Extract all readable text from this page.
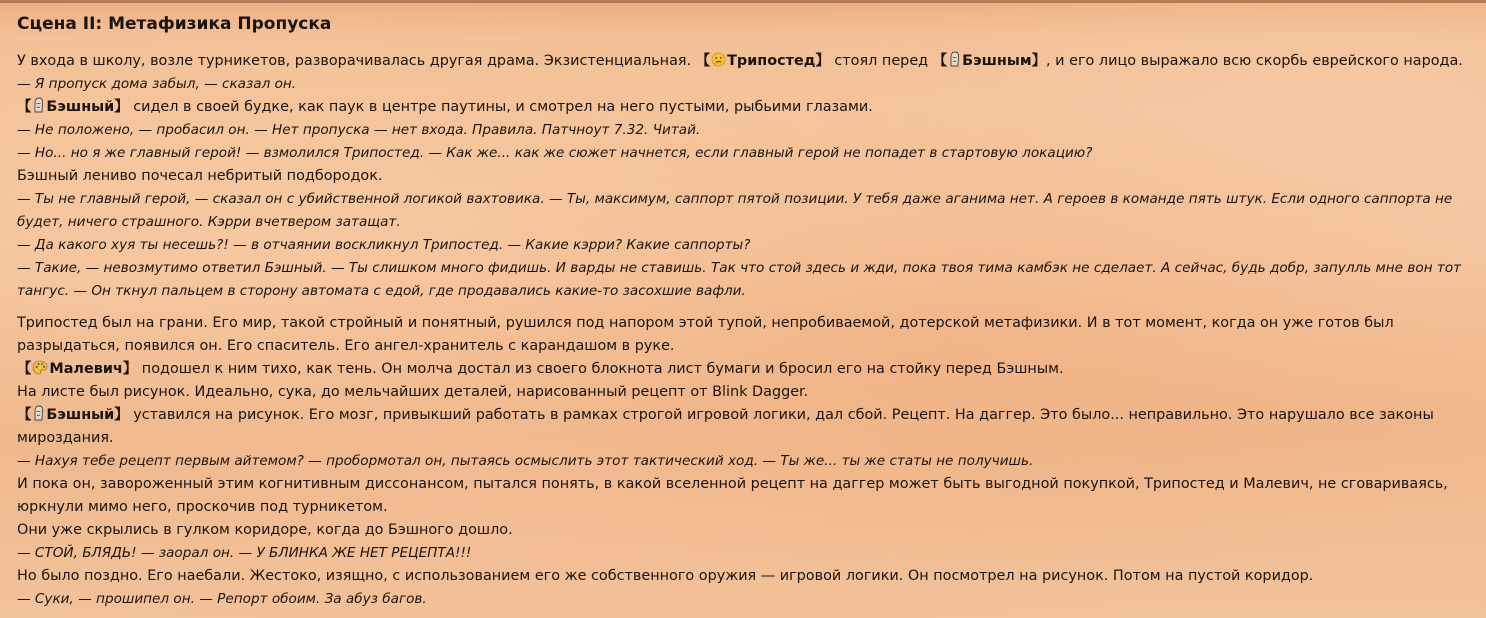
Сцена II: Метафизика Пропуска

У входа в школу, возле турникетов, разворачивалась другая драма. Экзистенциальная. 【 Трипостед】 стоял перед 【 Бэшным】, и его лицо выражало всю скорбь еврейского народа.

— Я пропуск дома забыл, — сказал он.

【 Бэшный】 сидел в своей будке, как паук в центре паутины, и смотрел на него пустыми, рыбьими глазами.

— Не положено, — пробасил он. — Нет пропуска — нет входа. Правила. Патчноут 7.32. Читай.

— Но... но я же главный герой! — взмолился Трипостед. — Как же... как же сюжет начнется, если главный герой не попадет в стартовую локацию?

Бэшный лениво почесал небритый подбородок.

— Ты не главный герой, — сказал он с убийственной логикой вахтовика. — Ты, максимум, саппорт пятой позиции. У тебя даже аганима нет. А героев в команде пять штук. Если одного саппорта не будет, ничего страшного. Кэрри вчетвером затащат.

— Да какого хуя ты несешь?! — в отчаянии воскликнул Трипостед. — Какие кэрри? Какие саппорты?

— Такие, — невозмутимо ответил Бэшный. — Ты слишком много фидишь. И варды не ставишь. Так что стой здесь и жди, пока твоя тима камбэк не сделает. А сейчас, будь добр, запулль мне вон тот тангус. — Он ткнул пальцем в сторону автомата с едой, где продавались какие-то засохшие вафли.

Трипостед был на грани. Его мир, такой стройный и понятный, рушился под напором этой тупой, непробиваемой, дотерской метафизики. И в тот момент, когда он уже готов был разрыдаться, появился он. Его спаситель. Его ангел-хранитель с карандашом в руке.

【 Малевич】 подошел к ним тихо, как тень. Он молча достал из своего блокнота лист бумаги и бросил его на стойку перед Бэшным.

На листе был рисунок. Идеально, сука, до мельчайших деталей, нарисованный рецепт от Blink Dagger.

【 Бэшный】 уставился на рисунок. Его мозг, привыкший работать в рамках строгой игровой логики, дал сбой. Рецепт. На даггер. Это было... неправильно. Это нарушало все законы мироздания.

— Нахуя тебе рецепт первым айтемом? — пробормотал он, пытаясь осмыслить этот тактический ход. — Ты же... ты же статы не получишь.

И пока он, завороженный этим когнитивным диссонансом, пытался понять, в какой вселенной рецепт на даггер может быть выгодной покупкой, Трипостед и Малевич, не сговариваясь, юркнули мимо него, проскочив под турникетом.

Они уже скрылись в гулком коридоре, когда до Бэшного дошло.

— СТОЙ, БЛЯДЬ! — заорал он. — У БЛИНКА ЖЕ НЕТ РЕЦЕПТА!!!

Но было поздно. Его наебали. Жестоко, изящно, с использованием его же собственного оружия — игровой логики. Он посмотрел на рисунок. Потом на пустой коридор.

— Суки, — прошипел он. — Репорт обоим. За абуз багов.
